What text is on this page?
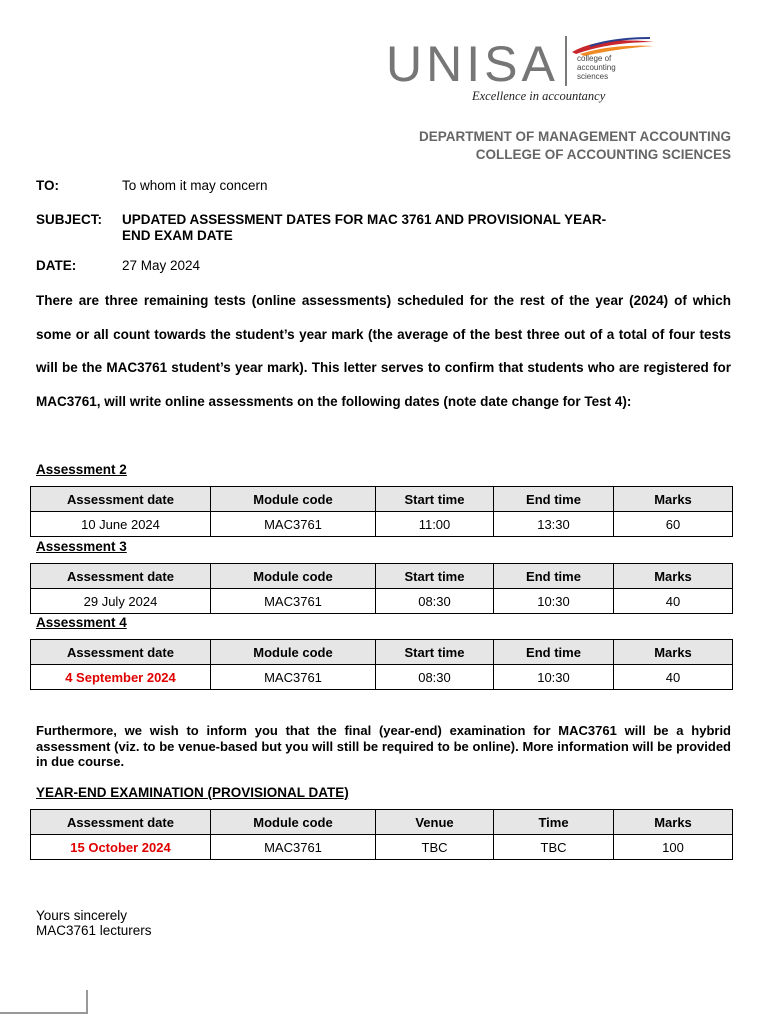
UNISA college of
accounting
sciences
Excellence in accountancy
DEPARTMENT OF MANAGEMENT ACCOUNTING
COLLEGE OF ACCOUNTING SCIENCES
TO:	To whom it may concern
SUBJECT: UPDATED ASSESSMENT DATES FOR MAC 3761 AND PROVISIONAL YEAR-
END EXAM DATE
DATE:	27 May 2024

There are three remaining tests (online assessments) scheduled for the rest of the year (2024) of which some or all count towards the student’s year mark (the average of the best three out of a total of four tests will be the MAC3761 student’s year mark). This letter serves to confirm that students who are registered for MAC3761, will write online assessments on the following dates (note date change for Test 4):

Assessment 2
Assessment date	Module code	Start time	End time	Marks
10 June 2024	MAC3761	11:00	13:30	60
Assessment 3
Assessment date	Module code	Start time	End time	Marks
29 July 2024	MAC3761	08:30	10:30	40
Assessment 4
Assessment date	Module code	Start time	End time	Marks
4 September 2024	MAC3761	08:30	10:30	40

Furthermore, we wish to inform you that the final (year-end) examination for MAC3761 will be a hybrid assessment (viz. to be venue-based but you will still be required to be online). More information will be provided in due course.

YEAR-END EXAMINATION (PROVISIONAL DATE)
Assessment date	Module code	Venue	Time	Marks
15 October 2024	MAC3761	TBC	TBC	100
Yours sincerely
MAC3761 lecturers
